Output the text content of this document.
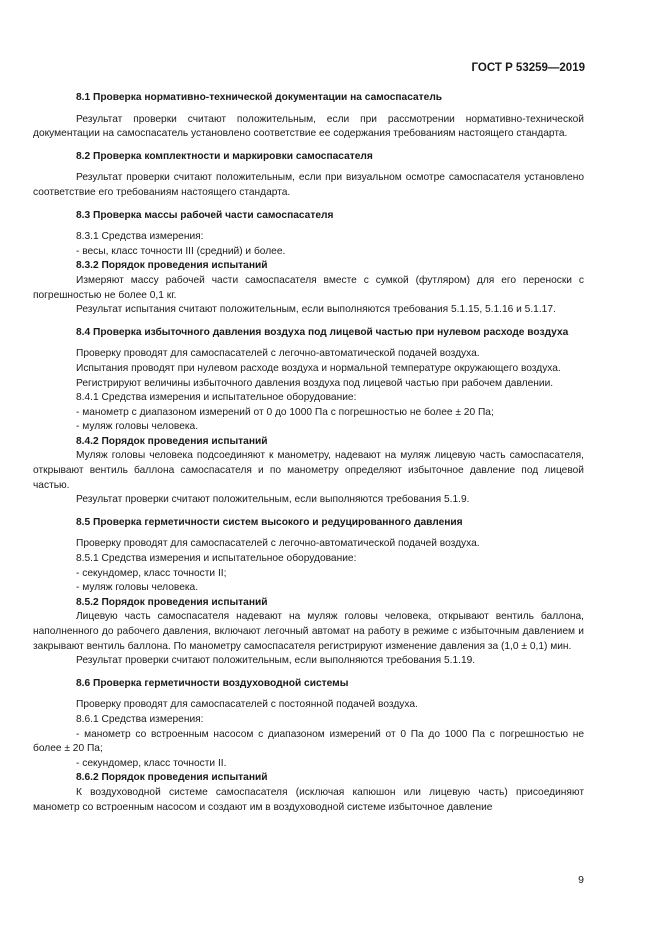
ГОСТ Р 53259—2019
8.1 Проверка нормативно-технической документации на самоспасатель
Результат проверки считают положительным, если при рассмотрении нормативно-технической документации на самоспасатель установлено соответствие ее содержания требованиям настоящего стандарта.
8.2 Проверка комплектности и маркировки самоспасателя
Результат проверки считают положительным, если при визуальном осмотре самоспасателя установлено соответствие его требованиям настоящего стандарта.
8.3 Проверка массы рабочей части самоспасателя
8.3.1 Средства измерения:
- весы, класс точности III (средний) и более.
8.3.2 Порядок проведения испытаний
Измеряют массу рабочей части самоспасателя вместе с сумкой (футляром) для его переноски с погрешностью не более 0,1 кг.
Результат испытания считают положительным, если выполняются требования 5.1.15, 5.1.16 и 5.1.17.
8.4 Проверка избыточного давления воздуха под лицевой частью при нулевом расходе воздуха
Проверку проводят для самоспасателей с легочно-автоматической подачей воздуха.
Испытания проводят при нулевом расходе воздуха и нормальной температуре окружающего воздуха.
Регистрируют величины избыточного давления воздуха под лицевой частью при рабочем давлении.
8.4.1 Средства измерения и испытательное оборудование:
- манометр с диапазоном измерений от 0 до 1000 Па с погрешностью не более ± 20 Па;
- муляж головы человека.
8.4.2 Порядок проведения испытаний
Муляж головы человека подсоединяют к манометру, надевают на муляж лицевую часть самоспасателя, открывают вентиль баллона самоспасателя и по манометру определяют избыточное давление под лицевой частью.
Результат проверки считают положительным, если выполняются требования 5.1.9.
8.5 Проверка герметичности систем высокого и редуцированного давления
Проверку проводят для самоспасателей с легочно-автоматической подачей воздуха.
8.5.1 Средства измерения и испытательное оборудование:
- секундомер, класс точности II;
- муляж головы человека.
8.5.2 Порядок проведения испытаний
Лицевую часть самоспасателя надевают на муляж головы человека, открывают вентиль баллона, наполненного до рабочего давления, включают легочный автомат на работу в режиме с избыточным давлением и закрывают вентиль баллона. По манометру самоспасателя регистрируют изменение давления за (1,0 ± 0,1) мин.
Результат проверки считают положительным, если выполняются требования 5.1.19.
8.6 Проверка герметичности воздуховодной системы
Проверку проводят для самоспасателей с постоянной подачей воздуха.
8.6.1 Средства измерения:
- манометр со встроенным насосом с диапазоном измерений от 0 Па до 1000 Па с погрешностью не более ± 20 Па;
- секундомер, класс точности II.
8.6.2 Порядок проведения испытаний
К воздуховодной системе самоспасателя (исключая капюшон или лицевую часть) присоединяют манометр со встроенным насосом и создают им в воздуховодной системе избыточное давление
9
